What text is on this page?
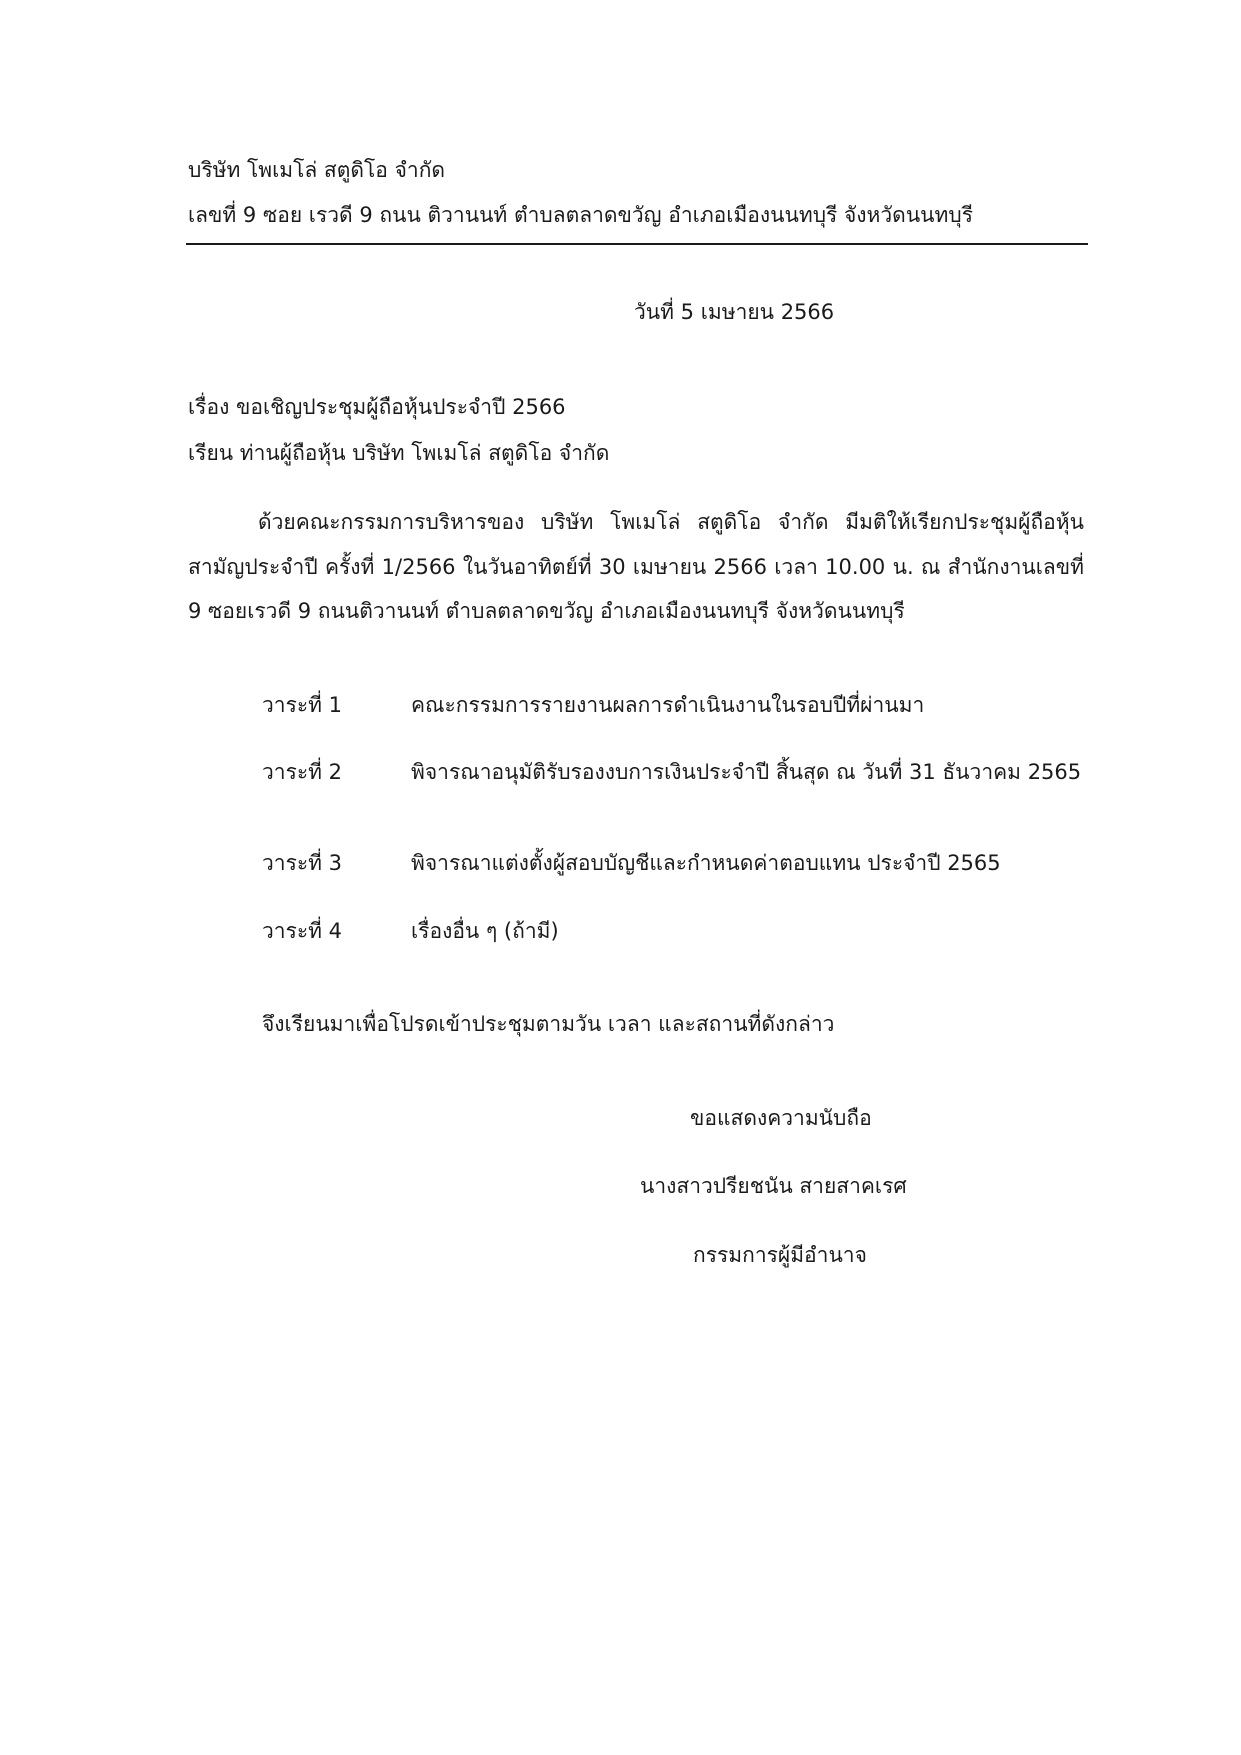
บริษัท โพเมโล่ สตูดิโอ จำกัด
เลขที่ 9 ซอย เรวดี 9 ถนน ติวานนท์ ตำบลตลาดขวัญ อำเภอเมืองนนทบุรี จังหวัดนนทบุรี
วันที่ 5 เมษายน 2566
เรื่อง ขอเชิญประชุมผู้ถือหุ้นประจำปี 2566
เรียน ท่านผู้ถือหุ้น บริษัท โพเมโล่ สตูดิโอ จำกัด
ด้วยคณะกรรมการบริหารของ บริษัท โพเมโล่ สตูดิโอ จำกัด มีมติให้เรียกประชุมผู้ถือหุ้น
สามัญประจำปี ครั้งที่ 1/2566 ในวันอาทิตย์ที่ 30 เมษายน 2566 เวลา 10.00 น. ณ สำนักงานเลขที่
9 ซอยเรวดี 9 ถนนติวานนท์ ตำบลตลาดขวัญ อำเภอเมืองนนทบุรี จังหวัดนนทบุรี
วาระที่ 1	คณะกรรมการรายงานผลการดำเนินงานในรอบปีที่ผ่านมา
วาระที่ 2	พิจารณาอนุมัติรับรองงบการเงินประจำปี สิ้นสุด ณ วันที่ 31 ธันวาคม 2565
วาระที่ 3	พิจารณาแต่งตั้งผู้สอบบัญชีและกำหนดค่าตอบแทน ประจำปี 2565
วาระที่ 4	เรื่องอื่น ๆ (ถ้ามี)
จึงเรียนมาเพื่อโปรดเข้าประชุมตามวัน เวลา และสถานที่ดังกล่าว
ขอแสดงความนับถือ
นางสาวปรียชนัน สายสาคเรศ
กรรมการผู้มีอำนาจ
